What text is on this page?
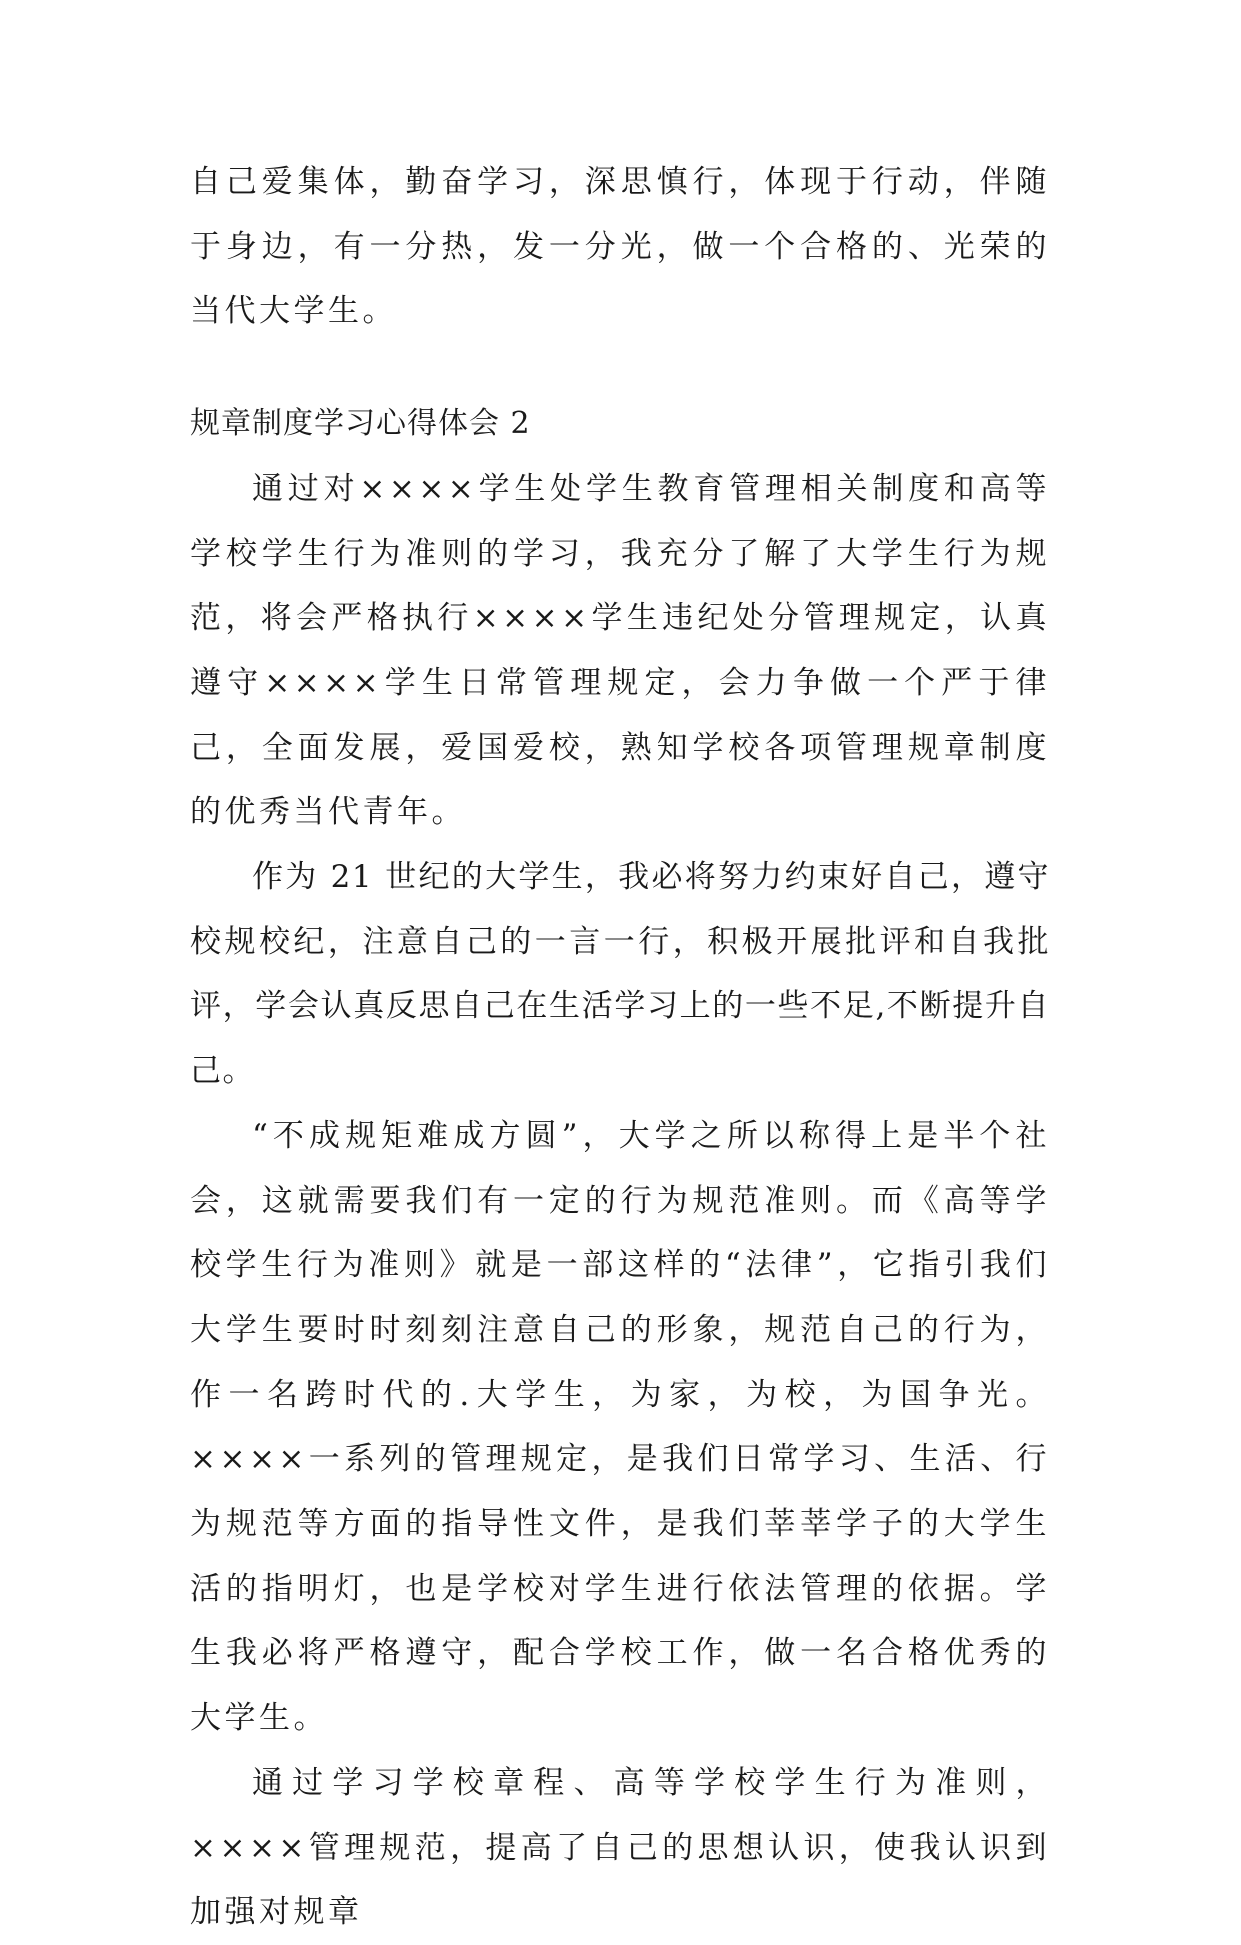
自己爱集体，勤奋学习，深思慎行，体现于行动，伴随于身边，有一分热，发一分光，做一个合格的、光荣的当代大学生。

规章制度学习心得体会 2

通过对××××学生处学生教育管理相关制度和高等学校学生行为准则的学习，我充分了解了大学生行为规范，将会严格执行××××学生违纪处分管理规定，认真遵守××××学生日常管理规定，会力争做一个严于律己，全面发展，爱国爱校，熟知学校各项管理规章制度的优秀当代青年。

作为 21 世纪的大学生，我必将努力约束好自己，遵守校规校纪，注意自己的一言一行，积极开展批评和自我批评，学会认真反思自己在生活学习上的一些不足,不断提升自己。

“不成规矩难成方圆”，大学之所以称得上是半个社会，这就需要我们有一定的行为规范准则。而《高等学校学生行为准则》就是一部这样的“法律”，它指引我们大学生要时时刻刻注意自己的形象，规范自己的行为，作一名跨时代的.大学生，为家，为校，为国争光。××××一系列的管理规定，是我们日常学习、生活、行为规范等方面的指导性文件，是我们莘莘学子的大学生活的指明灯，也是学校对学生进行依法管理的依据。学生我必将严格遵守，配合学校工作，做一名合格优秀的大学生。

通过学习学校章程、高等学校学生行为准则，××××管理规范，提高了自己的思想认识，使我认识到加强对规章
